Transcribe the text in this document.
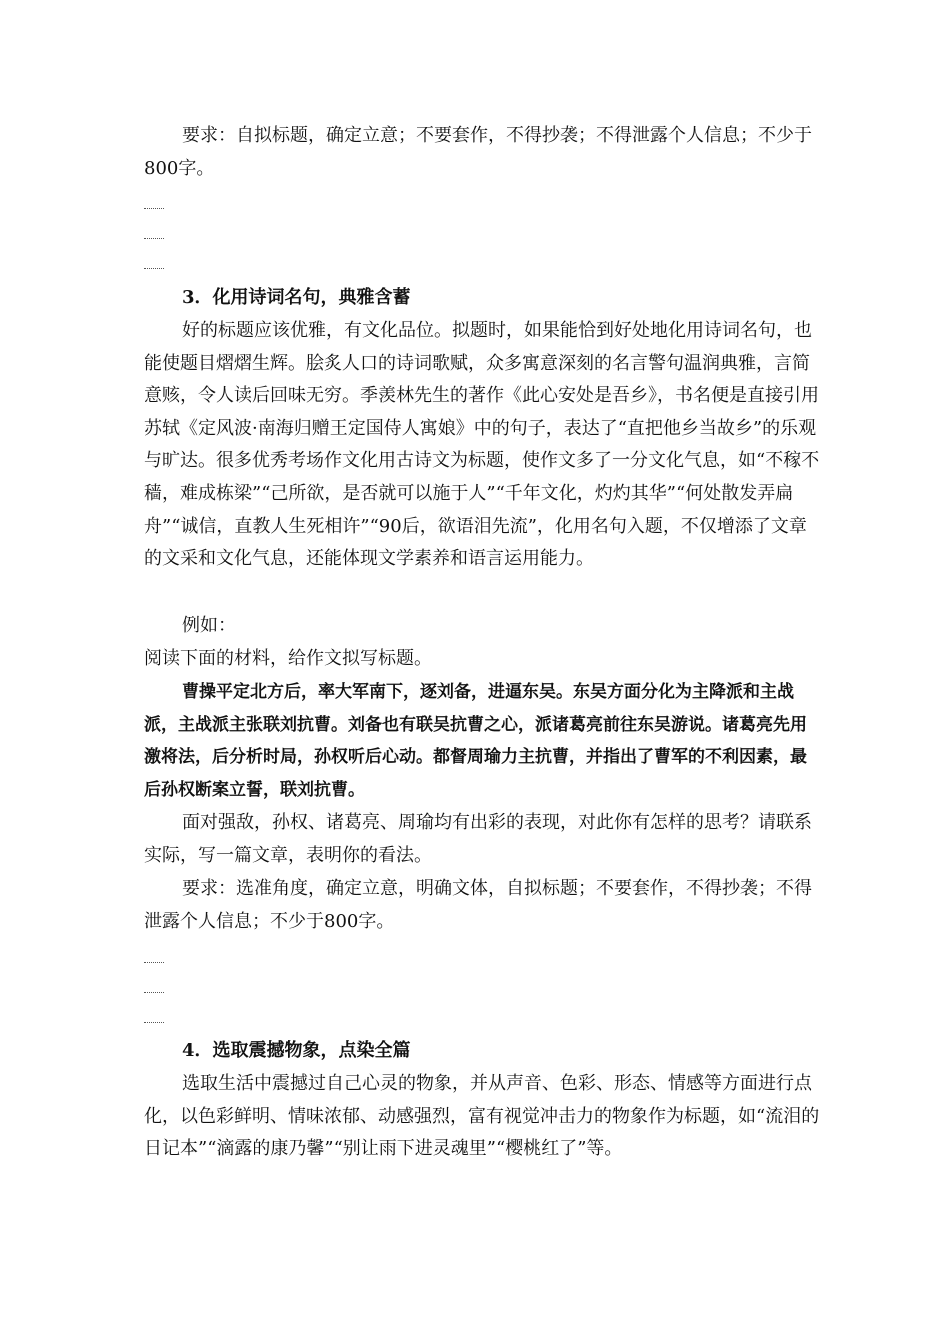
要求：自拟标题，确定立意；不要套作，不得抄袭；不得泄露个人信息；不少于800字。

3．化用诗词名句，典雅含蓄

好的标题应该优雅，有文化品位。拟题时，如果能恰到好处地化用诗词名句，也能使题目熠熠生辉。脍炙人口的诗词歌赋，众多寓意深刻的名言警句温润典雅，言简意赅，令人读后回味无穷。季羡林先生的著作《此心安处是吾乡》，书名便是直接引用苏轼《定风波·南海归赠王定国侍人寓娘》中的句子，表达了“直把他乡当故乡”的乐观与旷达。很多优秀考场作文化用古诗文为标题，使作文多了一分文化气息，如“不稼不穑，难成栋梁”“己所欲，是否就可以施于人”“千年文化，灼灼其华”“何处散发弄扁舟”“诚信，直教人生死相许”“90后，欲语泪先流”，化用名句入题，不仅增添了文章的文采和文化气息，还能体现文学素养和语言运用能力。

例如：

阅读下面的材料，给作文拟写标题。

曹操平定北方后，率大军南下，逐刘备，进逼东吴。东吴方面分化为主降派和主战派，主战派主张联刘抗曹。刘备也有联吴抗曹之心，派诸葛亮前往东吴游说。诸葛亮先用激将法，后分析时局，孙权听后心动。都督周瑜力主抗曹，并指出了曹军的不利因素，最后孙权断案立誓，联刘抗曹。

面对强敌，孙权、诸葛亮、周瑜均有出彩的表现，对此你有怎样的思考？请联系实际，写一篇文章，表明你的看法。

要求：选准角度，确定立意，明确文体，自拟标题；不要套作，不得抄袭；不得泄露个人信息；不少于800字。

4．选取震撼物象，点染全篇

选取生活中震撼过自己心灵的物象，并从声音、色彩、形态、情感等方面进行点化，以色彩鲜明、情味浓郁、动感强烈，富有视觉冲击力的物象作为标题，如“流泪的日记本”“滴露的康乃馨”“别让雨下进灵魂里”“樱桃红了”等。
